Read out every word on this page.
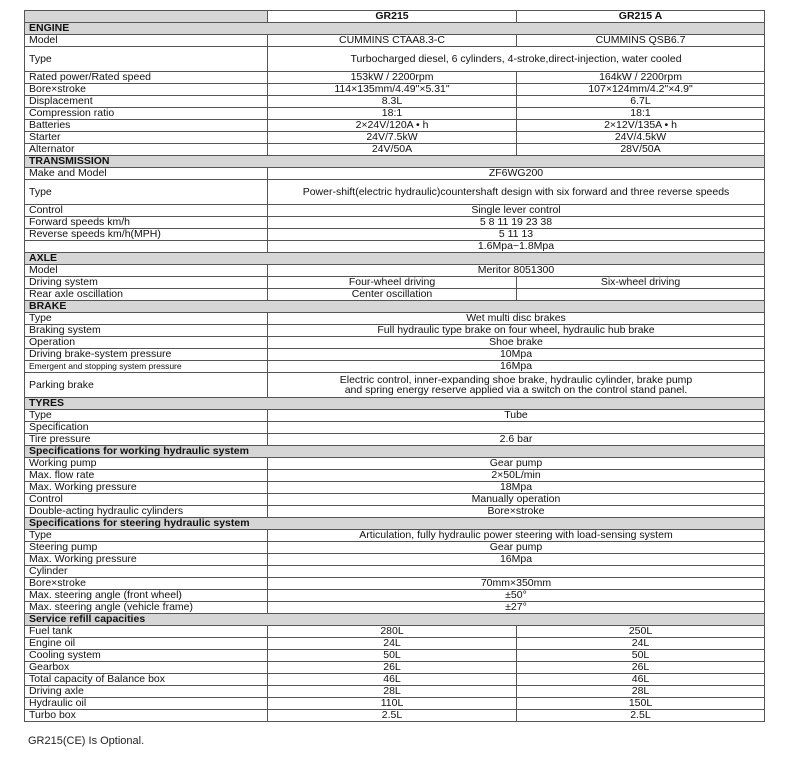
	GR215	GR215 A
ENGINE		
Model	CUMMINS CTAA8.3-C	CUMMINS QSB6.7
Type	Turbocharged diesel, 6 cylinders, 4-stroke,direct-injection, water cooled	
Rated power/Rated speed	153kW / 2200rpm	164kW / 2200rpm
Bore×stroke	114×135mm/4.49"×5.31"	107×124mm/4.2"×4.9"
Displacement	8.3L	6.7L
Compression ratio	18:1	18:1
Batteries	2×24V/120A • h	2×12V/135A • h
Starter	24V/7.5kW	24V/4.5kW
Alternator	24V/50A	28V/50A
TRANSMISSION		
Make and Model	ZF6WG200	
Type	Power-shift(electric hydraulic)countershaft design with six forward and three reverse speeds	
Control	Single lever control	
Forward speeds km/h	5 8 11 19 23 38	
Reverse speeds km/h(MPH)	5 11 13	
	1.6Mpa~1.8Mpa	
AXLE		
Model	Meritor 8051300	
Driving system	Four-wheel driving	Six-wheel driving
Rear axle oscillation	Center oscillation	
BRAKE		
Type	Wet multi disc brakes	
Braking system	Full hydraulic type brake on four wheel, hydraulic hub brake	
Operation	Shoe brake	
Driving brake-system pressure	10Mpa	
Emergent and stopping system pressure	16Mpa	
Parking brake	Electric control, inner-expanding shoe brake, hydraulic cylinder, brake pump
and spring energy reserve applied via a switch on the control stand panel.	
TYRES		
Type	Tube	
Specification		
Tire pressure	2.6 bar	
Specifications for working hydraulic system		
Working pump	Gear pump	
Max. flow rate	2×50L/min	
Max. Working pressure	18Mpa	
Control	Manually operation	
Double-acting hydraulic cylinders	Bore×stroke	
Specifications for steering hydraulic system		
Type	Articulation, fully hydraulic power steering with load-sensing system	
Steering pump	Gear pump	
Max. Working pressure	16Mpa	
Cylinder		
Bore×stroke	70mm×350mm	
Max. steering angle (front wheel)	±50°	
Max. steering angle (vehicle frame)	±27°	
Service refill capacities		
Fuel tank	280L	250L
Engine oil	24L	24L
Cooling system	50L	50L
Gearbox	26L	26L
Total capacity of Balance box	46L	46L
Driving axle	28L	28L
Hydraulic oil	110L	150L
Turbo box	2.5L	2.5L
GR215(CE) Is Optional.
